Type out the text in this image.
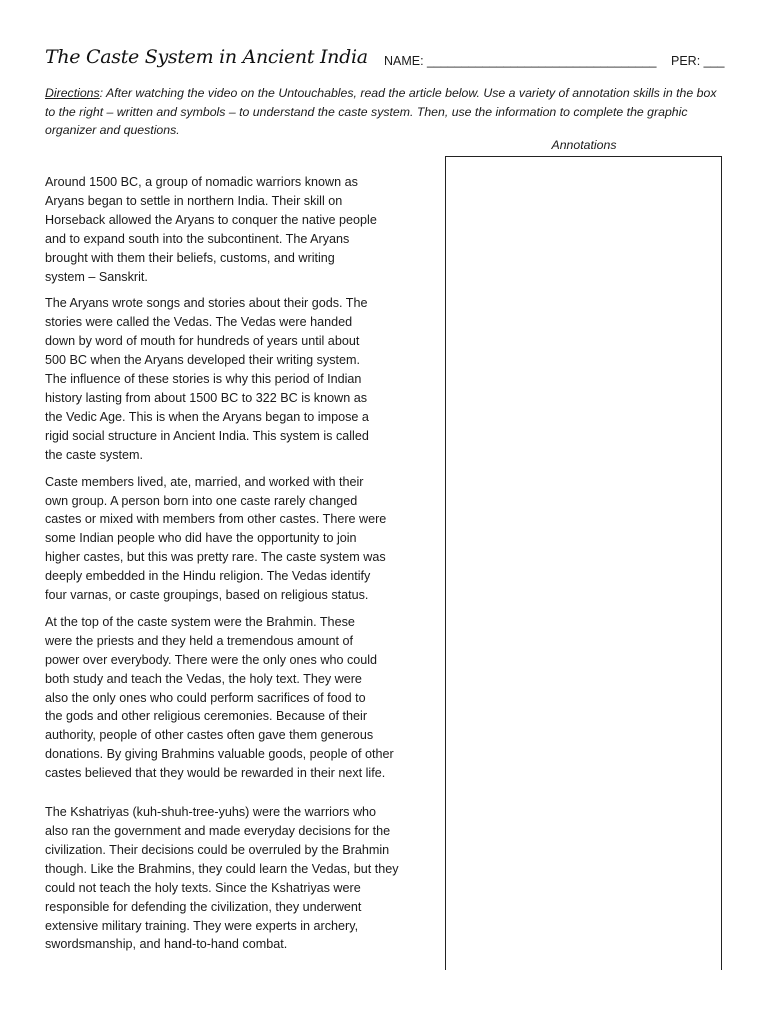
The Caste System in Ancient India NAME: _________________________________ PER: ___
Directions: After watching the video on the Untouchables, read the article below. Use a variety of annotation skills in the box to the right – written and symbols – to understand the caste system. Then, use the information to complete the graphic organizer and questions.
Annotations

Around 1500 BC, a group of nomadic warriors known as
Aryans began to settle in northern India. Their skill on
Horseback allowed the Aryans to conquer the native people
and to expand south into the subcontinent. The Aryans
brought with them their beliefs, customs, and writing
system – Sanskrit.

The Aryans wrote songs and stories about their gods. The
stories were called the Vedas. The Vedas were handed
down by word of mouth for hundreds of years until about
500 BC when the Aryans developed their writing system.
The influence of these stories is why this period of Indian
history lasting from about 1500 BC to 322 BC is known as
the Vedic Age. This is when the Aryans began to impose a
rigid social structure in Ancient India. This system is called
the caste system.

Caste members lived, ate, married, and worked with their
own group. A person born into one caste rarely changed
castes or mixed with members from other castes. There were
some Indian people who did have the opportunity to join
higher castes, but this was pretty rare. The caste system was
deeply embedded in the Hindu religion. The Vedas identify
four varnas, or caste groupings, based on religious status.

At the top of the caste system were the Brahmin. These
were the priests and they held a tremendous amount of
power over everybody. There were the only ones who could
both study and teach the Vedas, the holy text. They were
also the only ones who could perform sacrifices of food to
the gods and other religious ceremonies. Because of their
authority, people of other castes often gave them generous
donations. By giving Brahmins valuable goods, people of other
castes believed that they would be rewarded in their next life.

The Kshatriyas (kuh-shuh-tree-yuhs) were the warriors who
also ran the government and made everyday decisions for the
civilization. Their decisions could be overruled by the Brahmin
though. Like the Brahmins, they could learn the Vedas, but they
could not teach the holy texts. Since the Kshatriyas were
responsible for defending the civilization, they underwent
extensive military training. They were experts in archery,
swordsmanship, and hand-to-hand combat.
